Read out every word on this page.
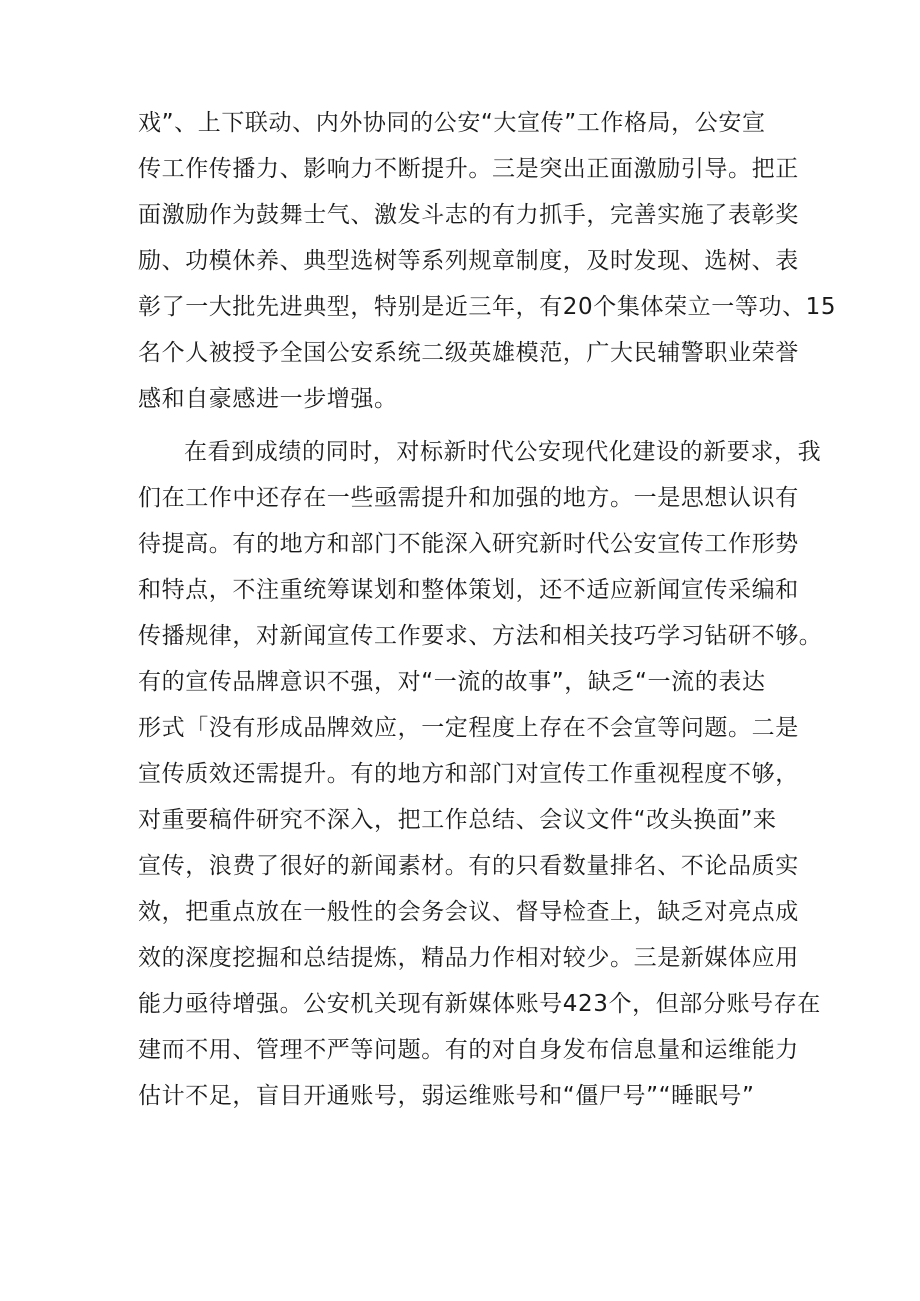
戏”、上下联动、内外协同的公安“大宣传”工作格局，公安宣
传工作传播力、影响力不断提升。三是突出正面激励引导。把正
面激励作为鼓舞士气、激发斗志的有力抓手，完善实施了表彰奖
励、功模休养、典型选树等系列规章制度，及时发现、选树、表
彰了一大批先进典型，特别是近三年，有20个集体荣立一等功、15
名个人被授予全国公安系统二级英雄模范，广大民辅警职业荣誉
感和自豪感进一步增强。

在看到成绩的同时，对标新时代公安现代化建设的新要求，我
们在工作中还存在一些亟需提升和加强的地方。一是思想认识有
待提高。有的地方和部门不能深入研究新时代公安宣传工作形势
和特点，不注重统筹谋划和整体策划，还不适应新闻宣传采编和
传播规律，对新闻宣传工作要求、方法和相关技巧学习钻研不够。
有的宣传品牌意识不强，对“一流的故事”，缺乏“一流的表达
形式「没有形成品牌效应，一定程度上存在不会宣等问题。二是
宣传质效还需提升。有的地方和部门对宣传工作重视程度不够，
对重要稿件研究不深入，把工作总结、会议文件“改头换面”来
宣传，浪费了很好的新闻素材。有的只看数量排名、不论品质实
效，把重点放在一般性的会务会议、督导检查上，缺乏对亮点成
效的深度挖掘和总结提炼，精品力作相对较少。三是新媒体应用
能力亟待增强。公安机关现有新媒体账号423个，但部分账号存在
建而不用、管理不严等问题。有的对自身发布信息量和运维能力
估计不足，盲目开通账号，弱运维账号和“僵尸号”“睡眠号”
